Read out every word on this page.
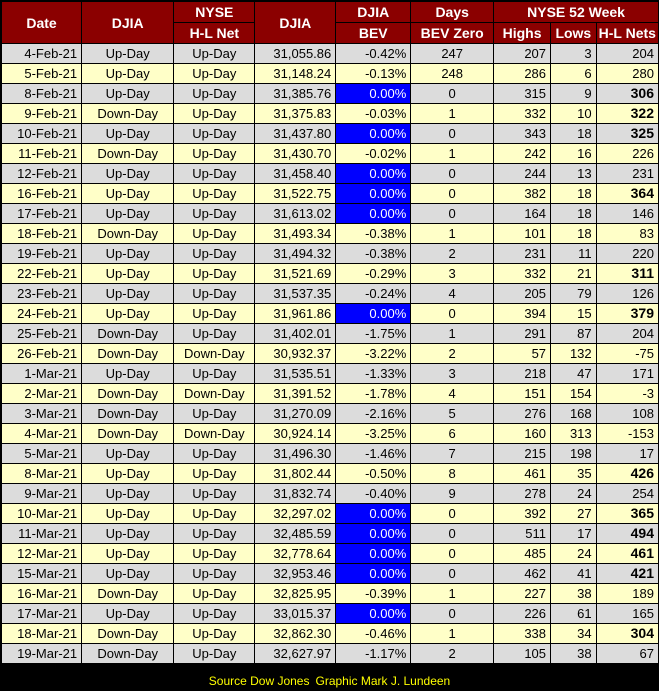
Date	DJIA	NYSE	DJIA	DJIA	Days	NYSE 52 Week		
		H-L Net		BEV	BEV Zero	Highs	Lows	H-L Nets
4-Feb-21	Up-Day	Up-Day	31,055.86	-0.42%	247	207	3	204
5-Feb-21	Up-Day	Up-Day	31,148.24	-0.13%	248	286	6	280
8-Feb-21	Up-Day	Up-Day	31,385.76	0.00%	0	315	9	306
9-Feb-21	Down-Day	Up-Day	31,375.83	-0.03%	1	332	10	322
10-Feb-21	Up-Day	Up-Day	31,437.80	0.00%	0	343	18	325
11-Feb-21	Down-Day	Up-Day	31,430.70	-0.02%	1	242	16	226
12-Feb-21	Up-Day	Up-Day	31,458.40	0.00%	0	244	13	231
16-Feb-21	Up-Day	Up-Day	31,522.75	0.00%	0	382	18	364
17-Feb-21	Up-Day	Up-Day	31,613.02	0.00%	0	164	18	146
18-Feb-21	Down-Day	Up-Day	31,493.34	-0.38%	1	101	18	83
19-Feb-21	Up-Day	Up-Day	31,494.32	-0.38%	2	231	11	220
22-Feb-21	Up-Day	Up-Day	31,521.69	-0.29%	3	332	21	311
23-Feb-21	Up-Day	Up-Day	31,537.35	-0.24%	4	205	79	126
24-Feb-21	Up-Day	Up-Day	31,961.86	0.00%	0	394	15	379
25-Feb-21	Down-Day	Up-Day	31,402.01	-1.75%	1	291	87	204
26-Feb-21	Down-Day	Down-Day	30,932.37	-3.22%	2	57	132	-75
1-Mar-21	Up-Day	Up-Day	31,535.51	-1.33%	3	218	47	171
2-Mar-21	Down-Day	Down-Day	31,391.52	-1.78%	4	151	154	-3
3-Mar-21	Down-Day	Up-Day	31,270.09	-2.16%	5	276	168	108
4-Mar-21	Down-Day	Down-Day	30,924.14	-3.25%	6	160	313	-153
5-Mar-21	Up-Day	Up-Day	31,496.30	-1.46%	7	215	198	17
8-Mar-21	Up-Day	Up-Day	31,802.44	-0.50%	8	461	35	426
9-Mar-21	Up-Day	Up-Day	31,832.74	-0.40%	9	278	24	254
10-Mar-21	Up-Day	Up-Day	32,297.02	0.00%	0	392	27	365
11-Mar-21	Up-Day	Up-Day	32,485.59	0.00%	0	511	17	494
12-Mar-21	Up-Day	Up-Day	32,778.64	0.00%	0	485	24	461
15-Mar-21	Up-Day	Up-Day	32,953.46	0.00%	0	462	41	421
16-Mar-21	Down-Day	Up-Day	32,825.95	-0.39%	1	227	38	189
17-Mar-21	Up-Day	Up-Day	33,015.37	0.00%	0	226	61	165
18-Mar-21	Down-Day	Up-Day	32,862.30	-0.46%	1	338	34	304
19-Mar-21	Down-Day	Up-Day	32,627.97	-1.17%	2	105	38	67
Source Dow Jones Graphic Mark J. Lundeen
